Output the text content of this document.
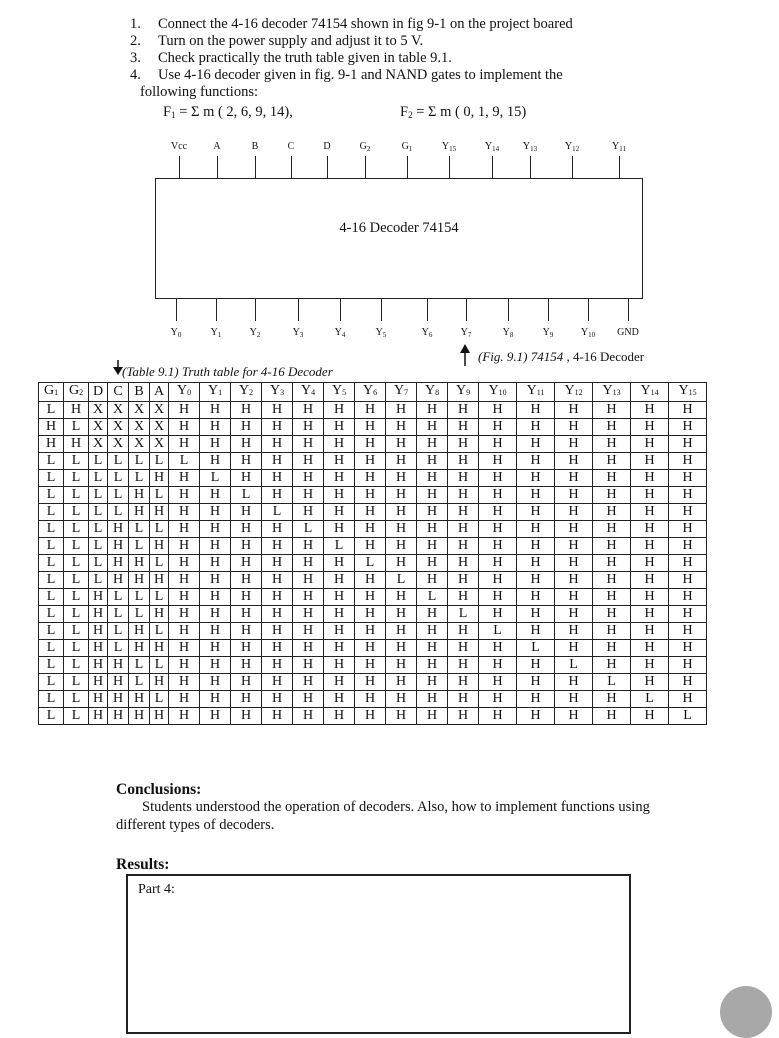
1. Connect the 4-16 decoder 74154 shown in fig 9-1 on the project boared
2. Turn on the power supply and adjust it to 5 V.
3. Check practically the truth table given in table 9.1.
4. Use 4-16 decoder given in fig. 9-1 and NAND gates to implement the
following functions:
$F_1 = \Sigma$ m ( 2, 6, 9, 14),	$F_2 = \Sigma$ m ( 0, 1, 9, 15)
Vcc	A	B	C	D	$G_2$	$G_1$	$Y_{15}$	$Y_{14}$ $Y_{13}$	$Y_{12}$	$Y_{11}$
4-16 Decoder 74154
$Y_0$	$Y_1$	$Y_2$	$Y_3$	$Y_4$	$Y_5$	$Y_6$	$Y_7$	$Y_8$	$Y_9$	$Y_{10}$ GND
(Fig. 9.1) 74154 , 4-16 Decoder
(Table 9.1) Truth table for 4-16 Decoder
$G_1$	$G_2$	D	C	B	A	$Y_0$	$Y_1$	$Y_2$	$Y_3$	$Y_4$	$Y_5$	$Y_6$	$Y_7$	$Y_8$	$Y_9$	$Y_{10}$	$Y_{11}$	$Y_{12}$	$Y_{13}$	$Y_{14}$	$Y_{15}$
L	H	X	X	X	X	H	H	H	H	H	H	H	H	H	H	H	H	H	H	H	H
H	L	X	X	X	X	H	H	H	H	H	H	H	H	H	H	H	H	H	H	H	H
H	H	X	X	X	X	H	H	H	H	H	H	H	H	H	H	H	H	H	H	H	H
L	L	L	L	L	L	L	H	H	H	H	H	H	H	H	H	H	H	H	H	H	H
L	L	L	L	L	H	H	L	H	H	H	H	H	H	H	H	H	H	H	H	H	H
L	L	L	L	H	L	H	H	L	H	H	H	H	H	H	H	H	H	H	H	H	H
L	L	L	L	H	H	H	H	H	L	H	H	H	H	H	H	H	H	H	H	H	H
L	L	L	H	L	L	H	H	H	H	L	H	H	H	H	H	H	H	H	H	H	H
L	L	L	H	L	H	H	H	H	H	H	L	H	H	H	H	H	H	H	H	H	H
L	L	L	H	H	L	H	H	H	H	H	H	L	H	H	H	H	H	H	H	H	H
L	L	L	H	H	H	H	H	H	H	H	H	H	L	H	H	H	H	H	H	H	H
L	L	H	L	L	L	H	H	H	H	H	H	H	H	L	H	H	H	H	H	H	H
L	L	H	L	L	H	H	H	H	H	H	H	H	H	H	L	H	H	H	H	H	H
L	L	H	L	H	L	H	H	H	H	H	H	H	H	H	H	L	H	H	H	H	H
L	L	H	L	H	H	H	H	H	H	H	H	H	H	H	H	H	L	H	H	H	H
L	L	H	H	L	L	H	H	H	H	H	H	H	H	H	H	H	H	L	H	H	H
L	L	H	H	L	H	H	H	H	H	H	H	H	H	H	H	H	H	H	L	H	H
L	L	H	H	H	L	H	H	H	H	H	H	H	H	H	H	H	H	H	H	L	H
L	L	H	H	H	H	H	H	H	H	H	H	H	H	H	H	H	H	H	H	H	L
Conclusions:
Students understood the operation of decoders. Also, how to implement functions using different types of decoders.
Results:
Part 4:
